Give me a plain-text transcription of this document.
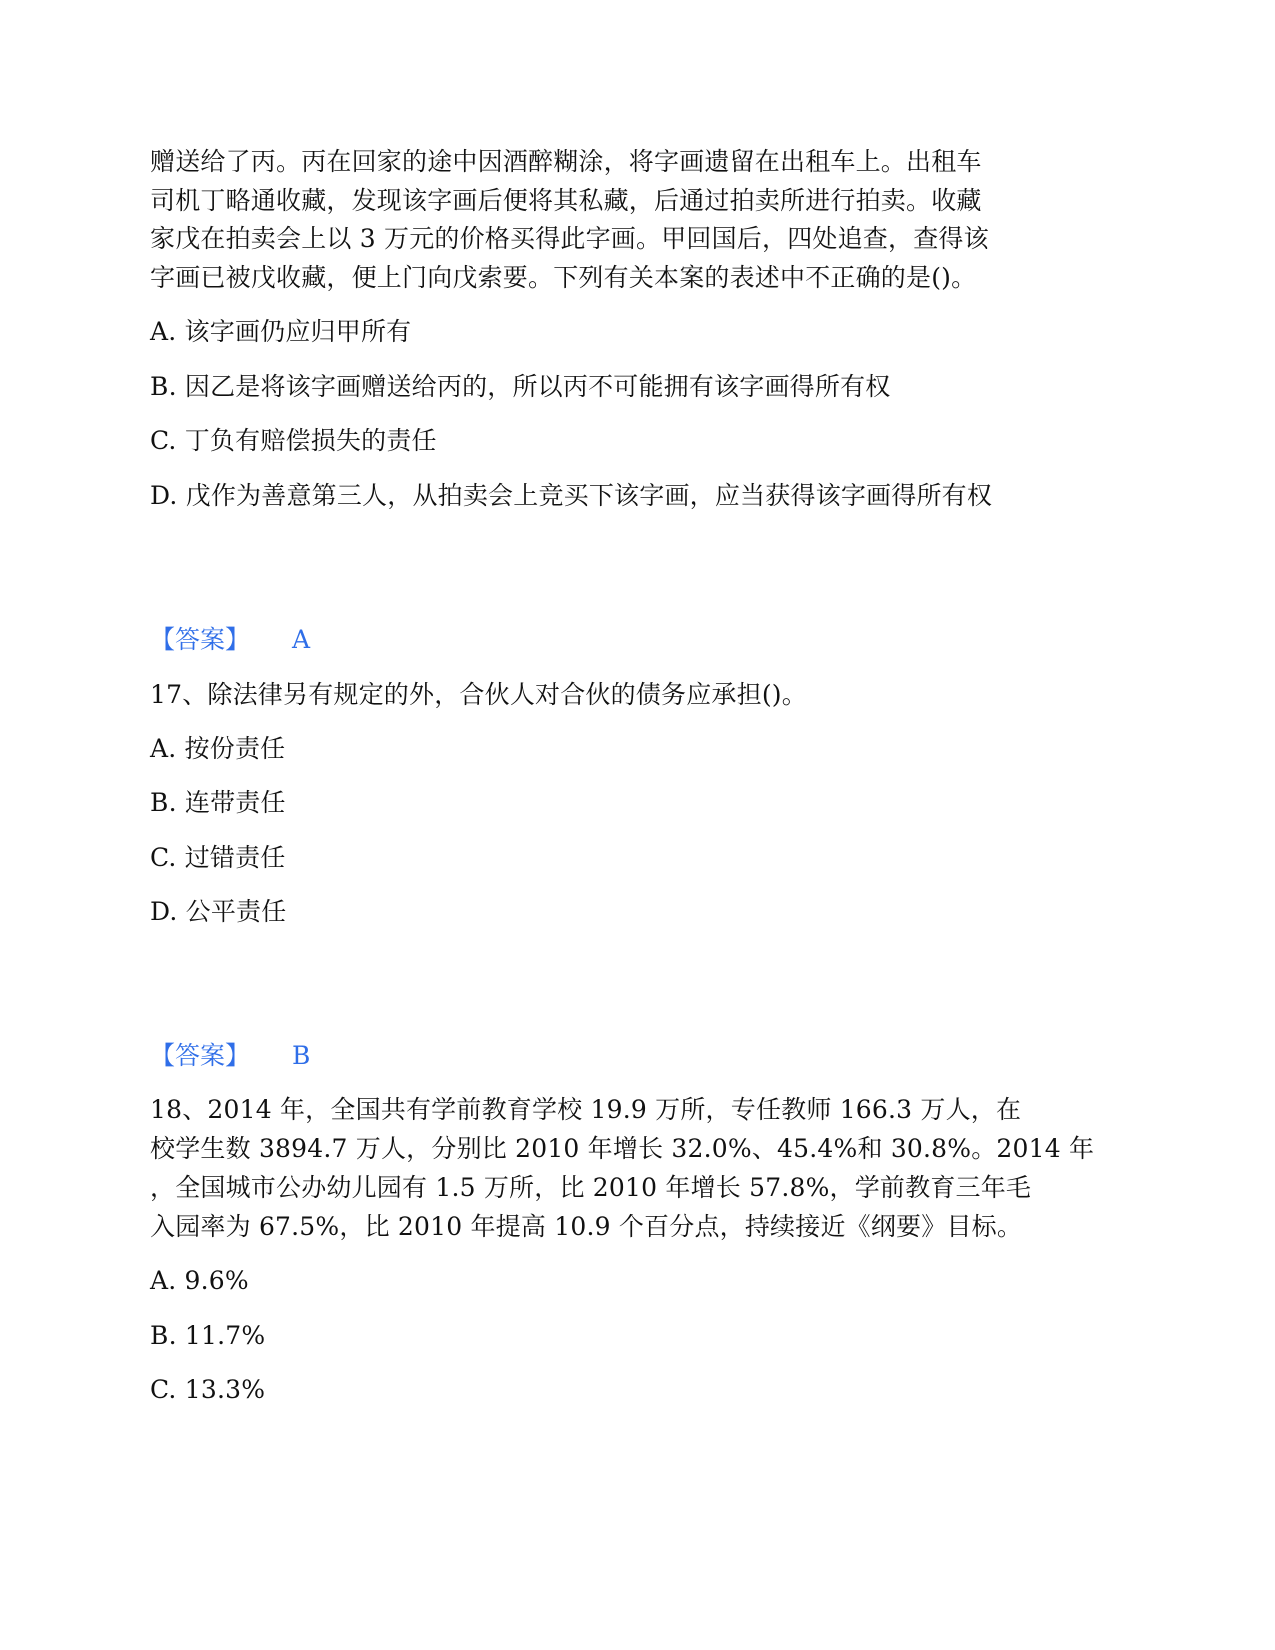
赠送给了丙。丙在回家的途中因酒醉糊涂，将字画遗留在出租车上。出租车
司机丁略通收藏，发现该字画后便将其私藏，后通过拍卖所进行拍卖。收藏
家戊在拍卖会上以 3 万元的价格买得此字画。甲回国后，四处追查，查得该
字画已被戊收藏，便上门向戊索要。下列有关本案的表述中不正确的是()。
A. 该字画仍应归甲所有
B. 因乙是将该字画赠送给丙的，所以丙不可能拥有该字画得所有权
C. 丁负有赔偿损失的责任
D. 戊作为善意第三人，从拍卖会上竞买下该字画，应当获得该字画得所有权
【答案】 A
17、除法律另有规定的外，合伙人对合伙的债务应承担()。
A. 按份责任
B. 连带责任
C. 过错责任
D. 公平责任
【答案】 B
18、2014 年，全国共有学前教育学校 19.9 万所，专任教师 166.3 万人，在
校学生数 3894.7 万人，分别比 2010 年增长 32.0%、45.4%和 30.8%。2014 年
，全国城市公办幼儿园有 1.5 万所，比 2010 年增长 57.8%，学前教育三年毛
入园率为 67.5%，比 2010 年提高 10.9 个百分点，持续接近《纲要》目标。
A. 9.6%
B. 11.7%
C. 13.3%
